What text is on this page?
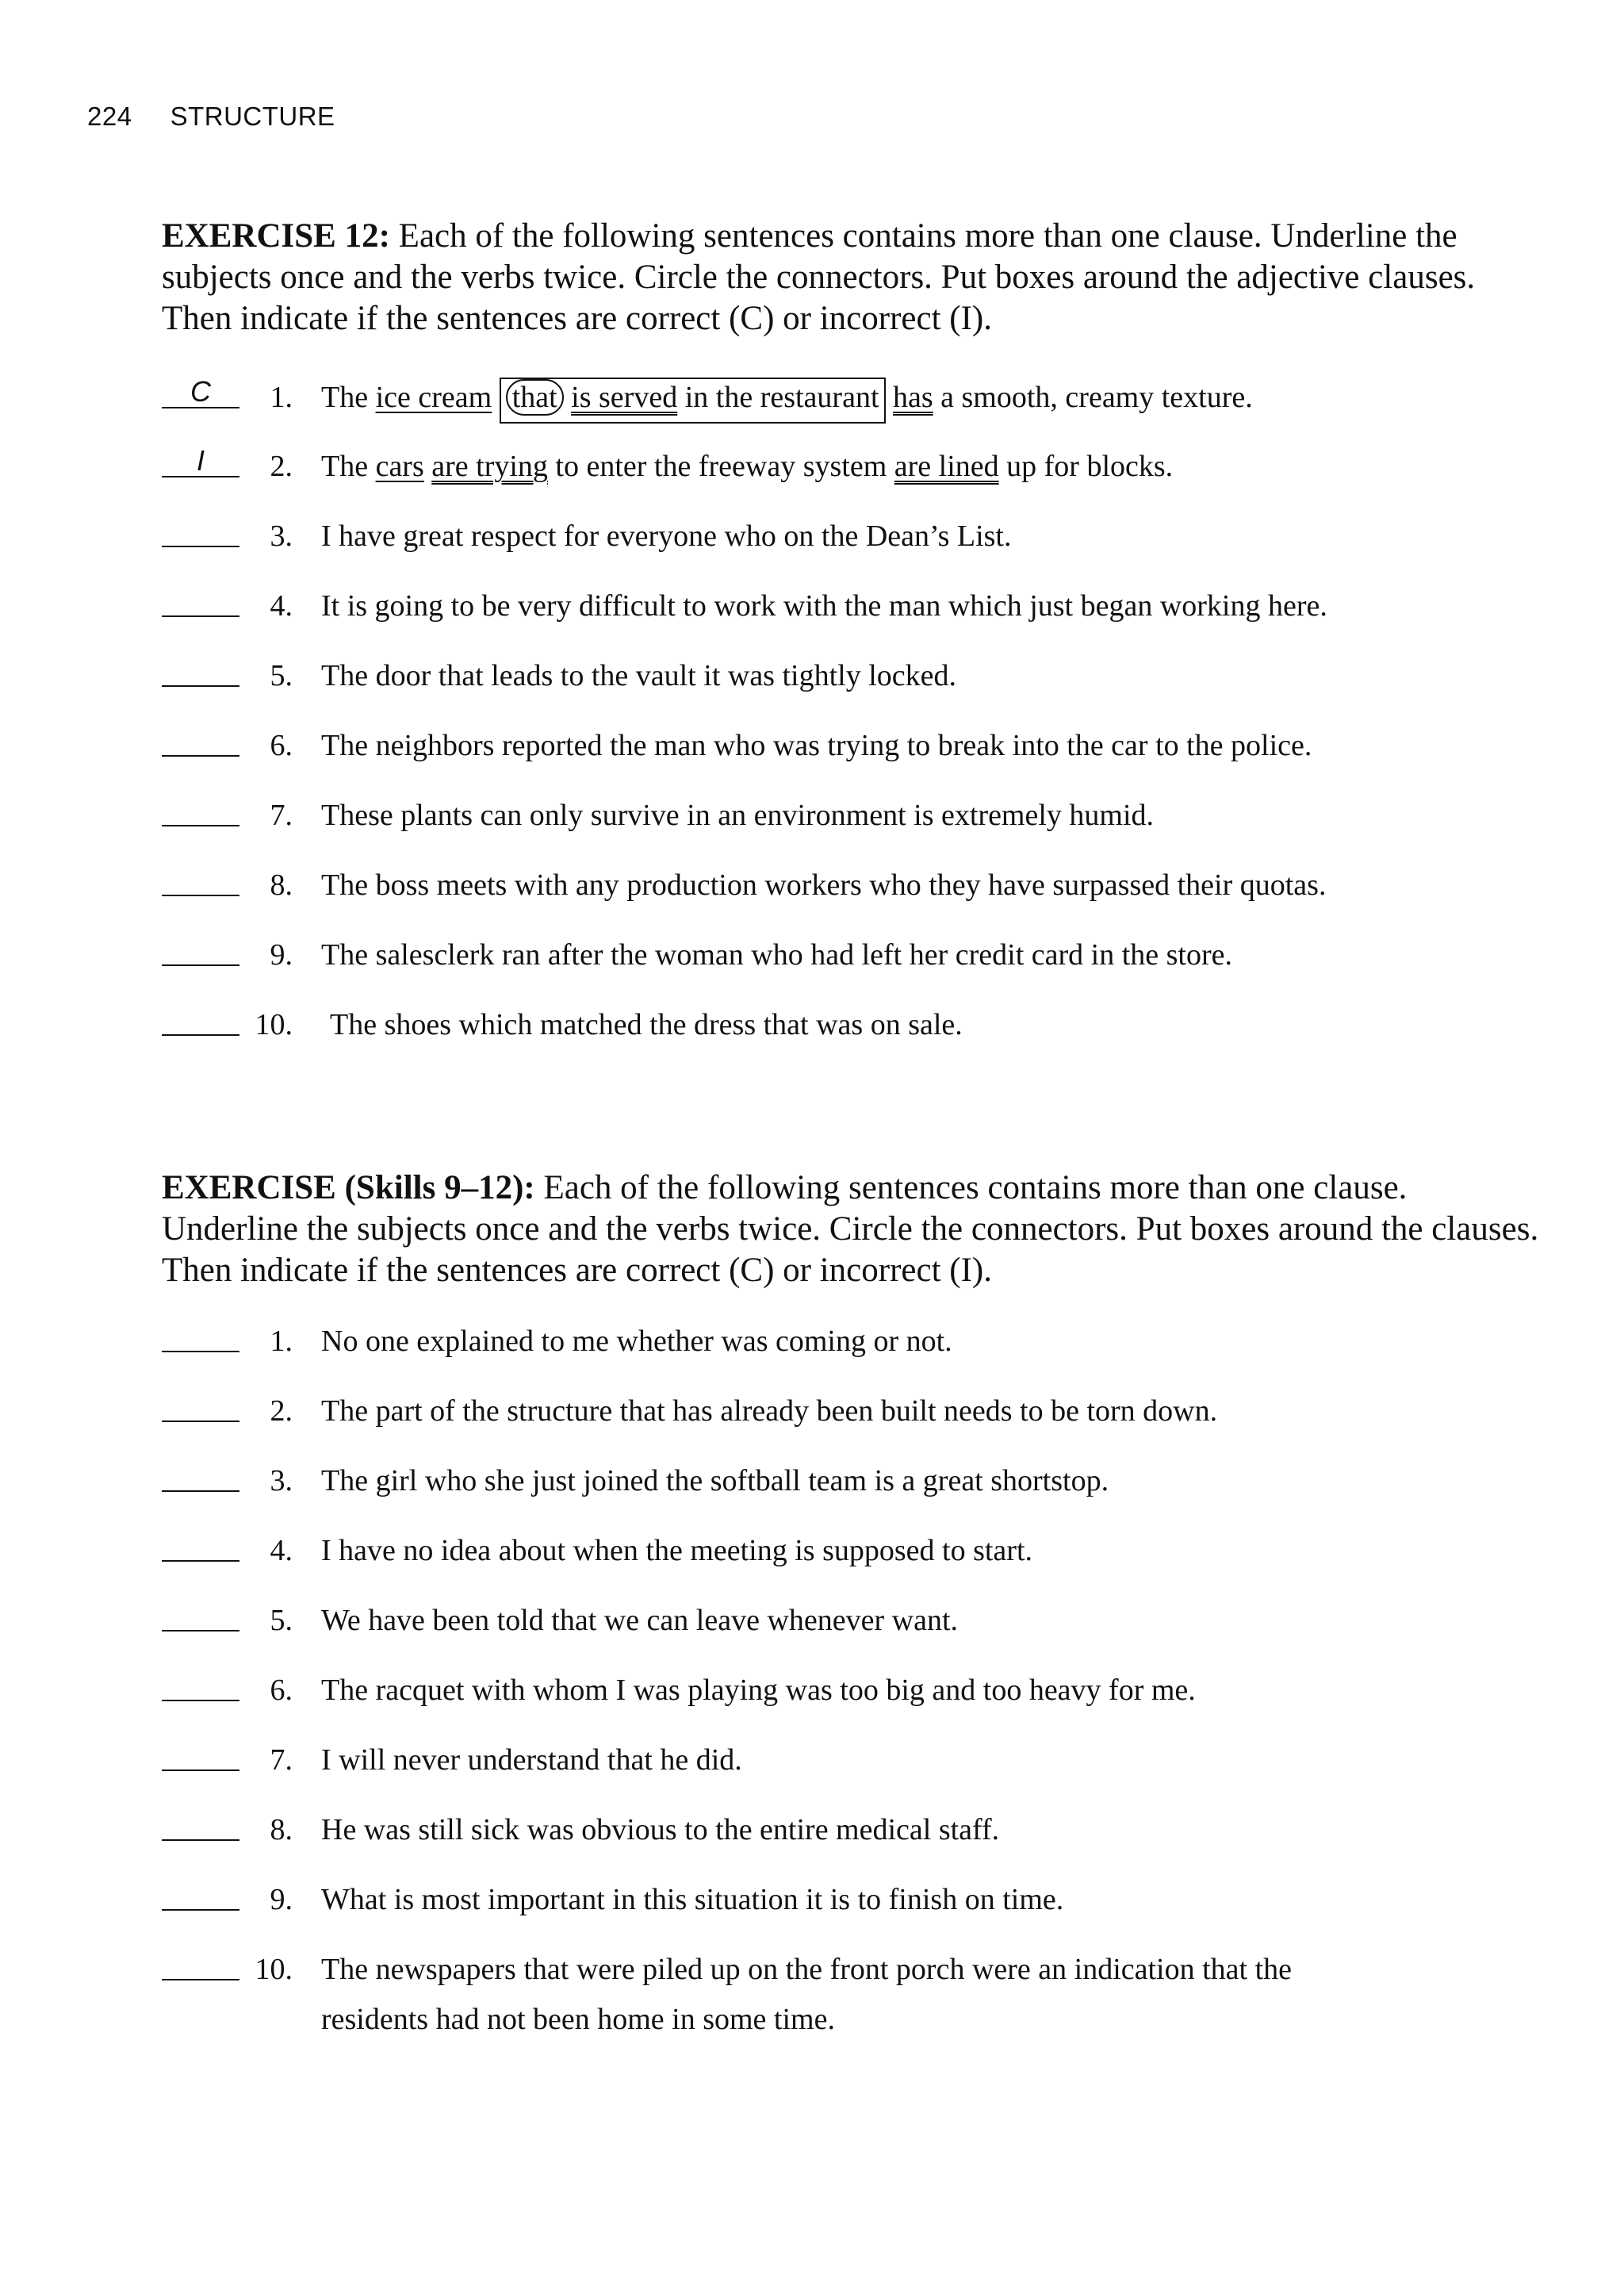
224 STRUCTURE
EXERCISE 12: Each of the following sentences contains more than one clause. Underline the subjects once and the verbs twice. Circle the connectors. Put boxes around the adjective clauses. Then indicate if the sentences are correct (C) or incorrect (I).
C	1. The ice cream that is served in the restaurant has a smooth, creamy texture.
I	2. The cars are trying to enter the freeway system are lined up for blocks.
3. I have great respect for everyone who on the Dean’s List.
4. It is going to be very difficult to work with the man which just began working here.
5. The door that leads to the vault it was tightly locked.
6. The neighbors reported the man who was trying to break into the car to the police.
7. These plants can only survive in an environment is extremely humid.
8. The boss meets with any production workers who they have surpassed their quotas.
9. The salesclerk ran after the woman who had left her credit card in the store.
10. The shoes which matched the dress that was on sale.
EXERCISE (Skills 9–12): Each of the following sentences contains more than one clause. Underline the subjects once and the verbs twice. Circle the connectors. Put boxes around the clauses. Then indicate if the sentences are correct (C) or incorrect (I).
1. No one explained to me whether was coming or not.
2. The part of the structure that has already been built needs to be torn down.
3. The girl who she just joined the softball team is a great shortstop.
4. I have no idea about when the meeting is supposed to start.
5. We have been told that we can leave whenever want.
6. The racquet with whom I was playing was too big and too heavy for me.
7. I will never understand that he did.
8. He was still sick was obvious to the entire medical staff.
9. What is most important in this situation it is to finish on time.
10. The newspapers that were piled up on the front porch were an indication that the
residents had not been home in some time.
